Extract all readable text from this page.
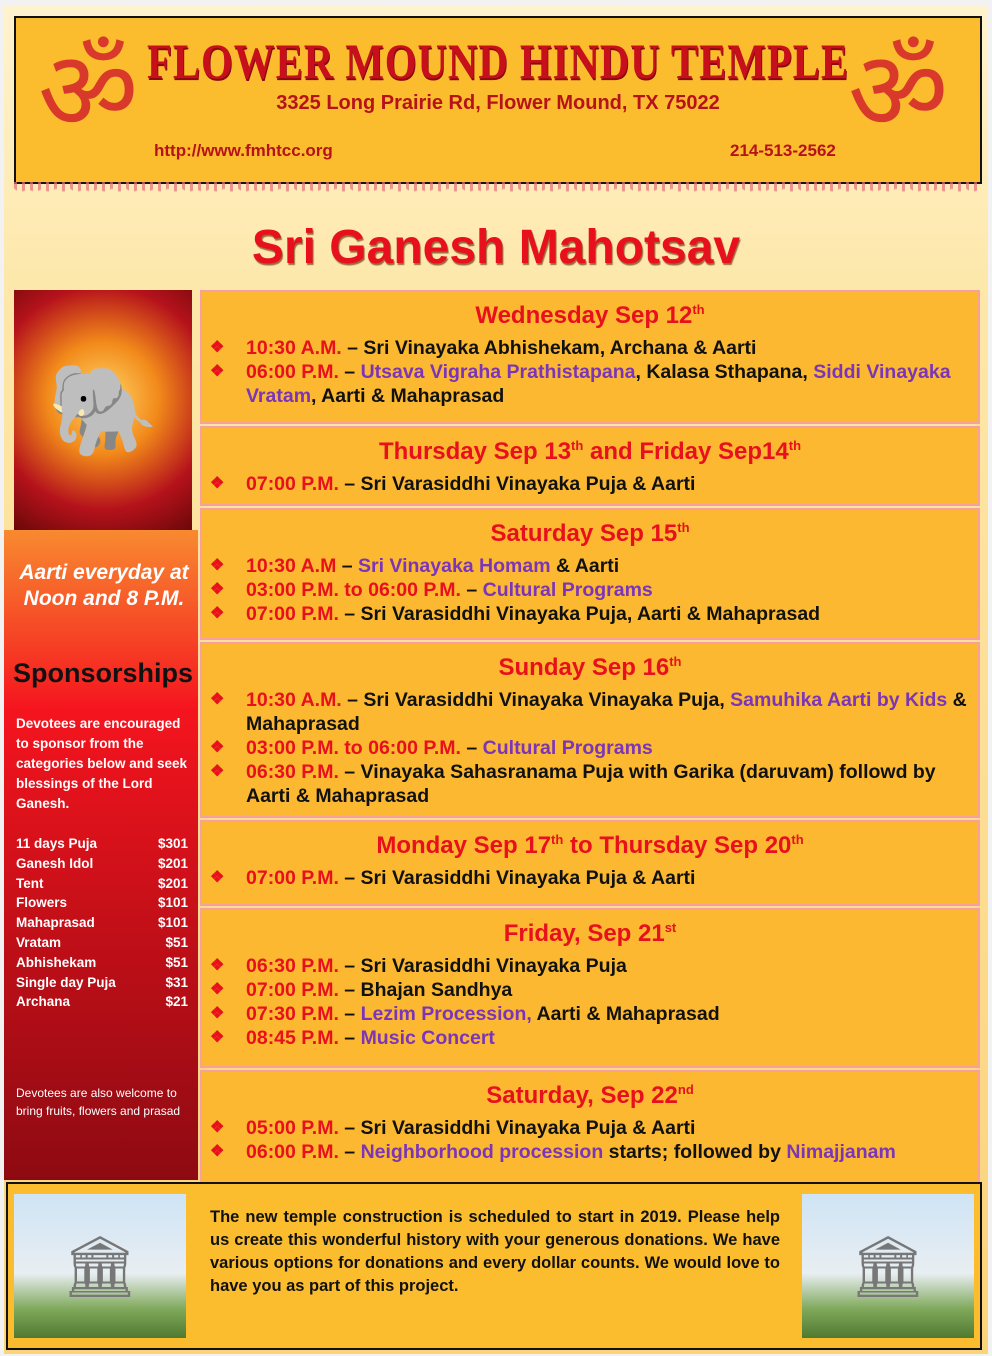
ॐ	ॐ
FLOWER MOUND HINDU TEMPLE
3325 Long Prairie Rd, Flower Mound, TX 75022
http://www.fmhtcc.org	214-513-2562
Sri Ganesh Mahotsav
🐘
Aarti everyday at Noon and 8 P.M.
Sponsorships
Devotees are encouraged to sponsor from the categories below and seek blessings of the Lord Ganesh.
11 days Puja	$301
Ganesh Idol	$201
Tent	$201
Flowers	$101
Mahaprasad	$101
Vratam	$51
Abhishekam	$51
Single day Puja	$31
Archana	$21
Devotees are also welcome to bring fruits, flowers and prasad
Wednesday Sep 12th
❖	10:30 A.M. – Sri Vinayaka Abhishekam, Archana & Aarti
❖	06:00 P.M. – Utsava Vigraha Prathistapana, Kalasa Sthapana, Siddi Vinayaka Vratam, Aarti & Mahaprasad
Thursday Sep 13th and Friday Sep14th
❖	07:00 P.M. – Sri Varasiddhi Vinayaka Puja & Aarti
Saturday Sep 15th
❖	10:30 A.M – Sri Vinayaka Homam & Aarti
❖	03:00 P.M. to 06:00 P.M. – Cultural Programs
❖	07:00 P.M. – Sri Varasiddhi Vinayaka Puja, Aarti & Mahaprasad
Sunday Sep 16th
❖	10:30 A.M. – Sri Varasiddhi Vinayaka Vinayaka Puja, Samuhika Aarti by Kids & Mahaprasad
❖	03:00 P.M. to 06:00 P.M. – Cultural Programs
❖	06:30 P.M. – Vinayaka Sahasranama Puja with Garika (daruvam) followd by Aarti & Mahaprasad
Monday Sep 17th to Thursday Sep 20th
❖	07:00 P.M. – Sri Varasiddhi Vinayaka Puja & Aarti
Friday, Sep 21st
❖	06:30 P.M. – Sri Varasiddhi Vinayaka Puja
❖	07:00 P.M. – Bhajan Sandhya
❖	07:30 P.M. – Lezim Procession, Aarti & Mahaprasad
❖	08:45 P.M. – Music Concert
Saturday, Sep 22nd
❖	05:00 P.M. – Sri Varasiddhi Vinayaka Puja & Aarti
❖	06:00 P.M. – Neighborhood procession starts; followed by Nimajjanam
🏛
The new temple construction is scheduled to start in 2019. Please help us create this wonderful history with your generous donations. We have various options for donations and every dollar counts. We would love to have you as part of this project.	🏛
